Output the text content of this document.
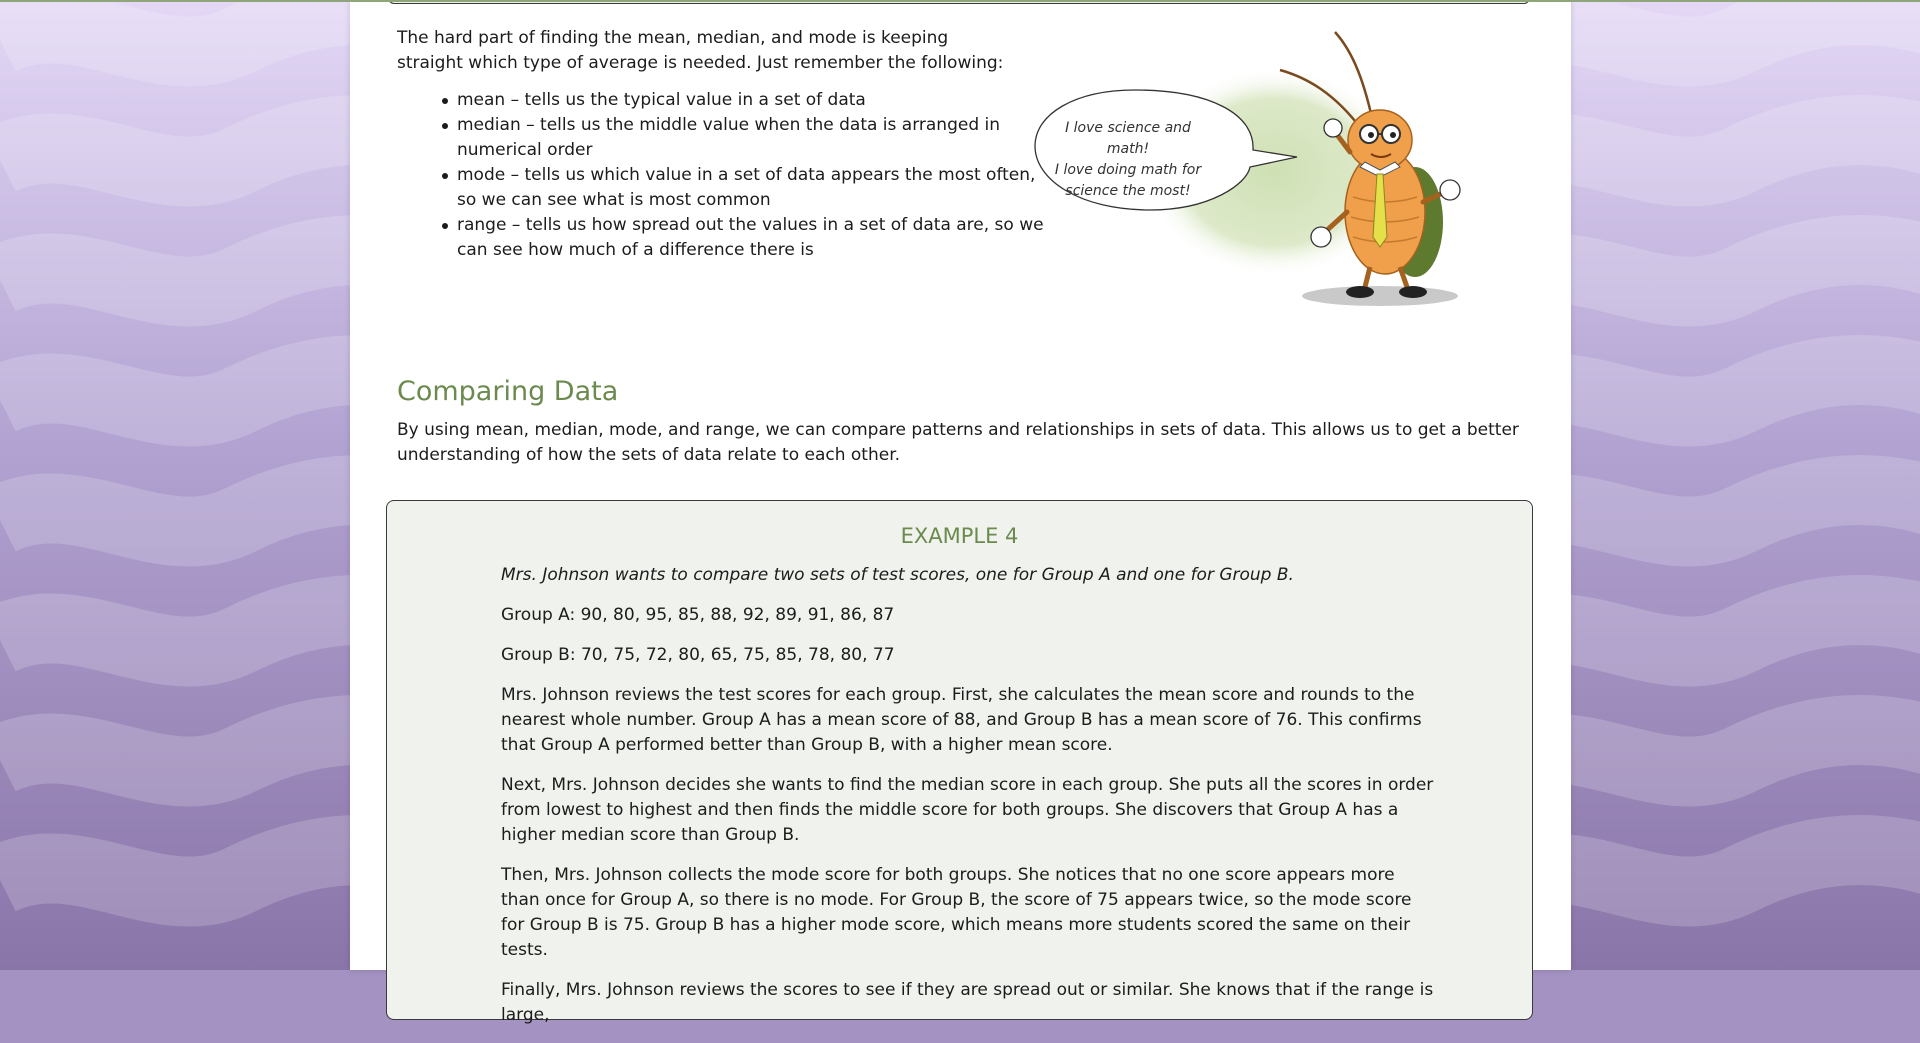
The hard part of finding the mean, median, and mode is keeping straight which type of average is needed. Just remember the following:

mean – tells us the typical value in a set of data
median – tells us the middle value when the data is arranged in numerical order
mode – tells us which value in a set of data appears the most often, so we can see what is most common
range – tells us how spread out the values in a set of data are, so we can see how much of a difference there is
I love science and math!
I love doing math for
science the most!
Comparing Data

By using mean, median, mode, and range, we can compare patterns and relationships in sets of data. This allows us to get a better understanding of how the sets of data relate to each other.

EXAMPLE 4

Mrs. Johnson wants to compare two sets of test scores, one for Group A and one for Group B.

Group A: 90, 80, 95, 85, 88, 92, 89, 91, 86, 87

Group B: 70, 75, 72, 80, 65, 75, 85, 78, 80, 77

Mrs. Johnson reviews the test scores for each group. First, she calculates the mean score and rounds to the nearest whole number. Group A has a mean score of 88, and Group B has a mean score of 76. This confirms that Group A performed better than Group B, with a higher mean score.

Next, Mrs. Johnson decides she wants to find the median score in each group. She puts all the scores in order from lowest to highest and then finds the middle score for both groups. She discovers that Group A has a higher median score than Group B.

Then, Mrs. Johnson collects the mode score for both groups. She notices that no one score appears more than once for Group A, so there is no mode. For Group B, the score of 75 appears twice, so the mode score for Group B is 75. Group B has a higher mode score, which means more students scored the same on their tests.

Finally, Mrs. Johnson reviews the scores to see if they are spread out or similar. She knows that if the range is large,
